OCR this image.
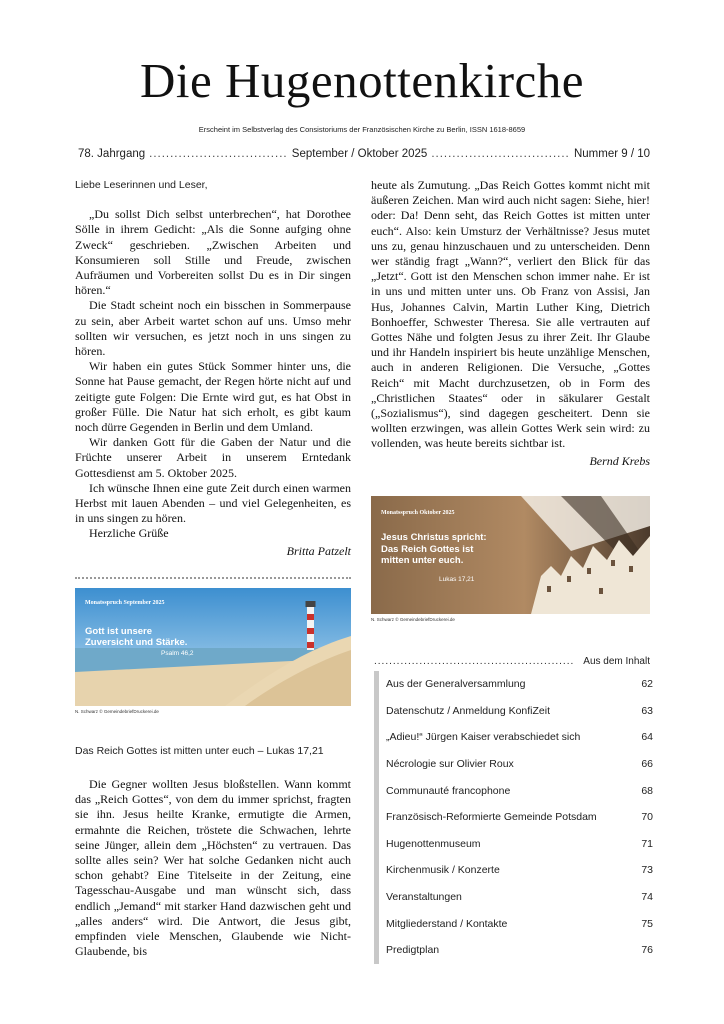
Die Hugenottenkirche
Erscheint im Selbstverlag des Consistoriums der Französischen Kirche zu Berlin, ISSN 1618-8659
78. Jahrgang .....	September / Oktober 2025 .....	Nummer 9 / 10

Liebe Leserinnen und Leser,

„Du sollst Dich selbst unterbrechen“, hat Dorothee Sölle in ihrem Gedicht: „Als die Sonne aufging ohne Zweck“ geschrieben. „Zwischen Arbeiten und Konsumieren soll Stille und Freude, zwischen Aufräumen und Vorbereiten sollst Du es in Dir singen hören.“

Die Stadt scheint noch ein bisschen in Sommerpause zu sein, aber Arbeit wartet schon auf uns. Umso mehr sollten wir versuchen, es jetzt noch in uns singen zu hören.

Wir haben ein gutes Stück Sommer hinter uns, die Sonne hat Pause gemacht, der Regen hörte nicht auf und zeitigte gute Folgen: Die Ernte wird gut, es hat Obst in großer Fülle. Die Natur hat sich erholt, es gibt kaum noch dürre Gegenden in Berlin und dem Umland.

Wir danken Gott für die Gaben der Natur und die Früchte unserer Arbeit in unserem Erntedank Gottesdienst am 5. Oktober 2025.

Ich wünsche Ihnen eine gute Zeit durch einen warmen Herbst mit lauen Abenden – und viel Gelegenheiten, es in uns singen zu hören.

Herzliche Grüße

Britta Patzelt

Monatsspruch September 2025
Gott ist unsere Zuversicht und Stärke.
Psalm 46,2
N. Schwarz © GemeindebriefDruckerei.de
Das Reich Gottes ist mitten unter euch – Lukas 17,21

Die Gegner wollten Jesus bloßstellen. Wann kommt das „Reich Gottes“, von dem du immer sprichst, fragten sie ihn. Jesus heilte Kranke, ermutigte die Armen, ermahnte die Reichen, tröstete die Schwachen, lehrte seine Jünger, allein dem „Höchsten“ zu vertrauen. Das sollte alles sein? Wer hat solche Gedanken nicht auch schon gehabt? Eine Titelseite in der Zeitung, eine Tagesschau-Ausgabe und man wünscht sich, dass endlich „Jemand“ mit starker Hand dazwischen geht und „alles anders“ wird. Die Antwort, die Jesus gibt, empfinden viele Menschen, Glaubende wie Nicht-Glaubende, bis

heute als Zumutung. „Das Reich Gottes kommt nicht mit äußeren Zeichen. Man wird auch nicht sagen: Siehe, hier! oder: Da! Denn seht, das Reich Gottes ist mitten unter euch“. Also: kein Umsturz der Verhältnisse? Jesus mutet uns zu, genau hinzuschauen und zu unterscheiden. Denn wer ständig fragt „Wann?“, verliert den Blick für das „Jetzt“. Gott ist den Menschen schon immer nahe. Er ist in uns und mitten unter uns. Ob Franz von Assisi, Jan Hus, Johannes Calvin, Martin Luther King, Dietrich Bonhoeffer, Schwester Theresa. Sie alle vertrauten auf Gottes Nähe und folgten Jesus zu ihrer Zeit. Ihr Glaube und ihr Handeln inspiriert bis heute unzählige Menschen, auch in anderen Religionen. Die Versuche, „Gottes Reich“ mit Macht durchzusetzen, ob in Form des „Christlichen Staates“ oder in säkularer Gestalt („Sozialismus“), sind dagegen gescheitert. Denn sie wollten erzwingen, was allein Gottes Werk sein wird: zu vollenden, was heute bereits sichtbar ist.

Bernd Krebs

Monatsspruch Oktober 2025
Jesus Christus spricht: Das Reich Gottes ist mitten unter euch.
Lukas 17,21
N. Schwarz © GemeindebriefDruckerei.de
.....
Aus dem Inhalt
Aus der Generalversammlung	62
Datenschutz / Anmeldung KonfiZeit	63
„Adieu!“ Jürgen Kaiser verabschiedet sich	64
Nécrologie sur Olivier Roux	66
Communauté francophone	68
Französisch-Reformierte Gemeinde Potsdam	70
Hugenottenmuseum	71
Kirchenmusik / Konzerte	73
Veranstaltungen	74
Mitgliederstand / Kontakte	75
Predigtplan	76
